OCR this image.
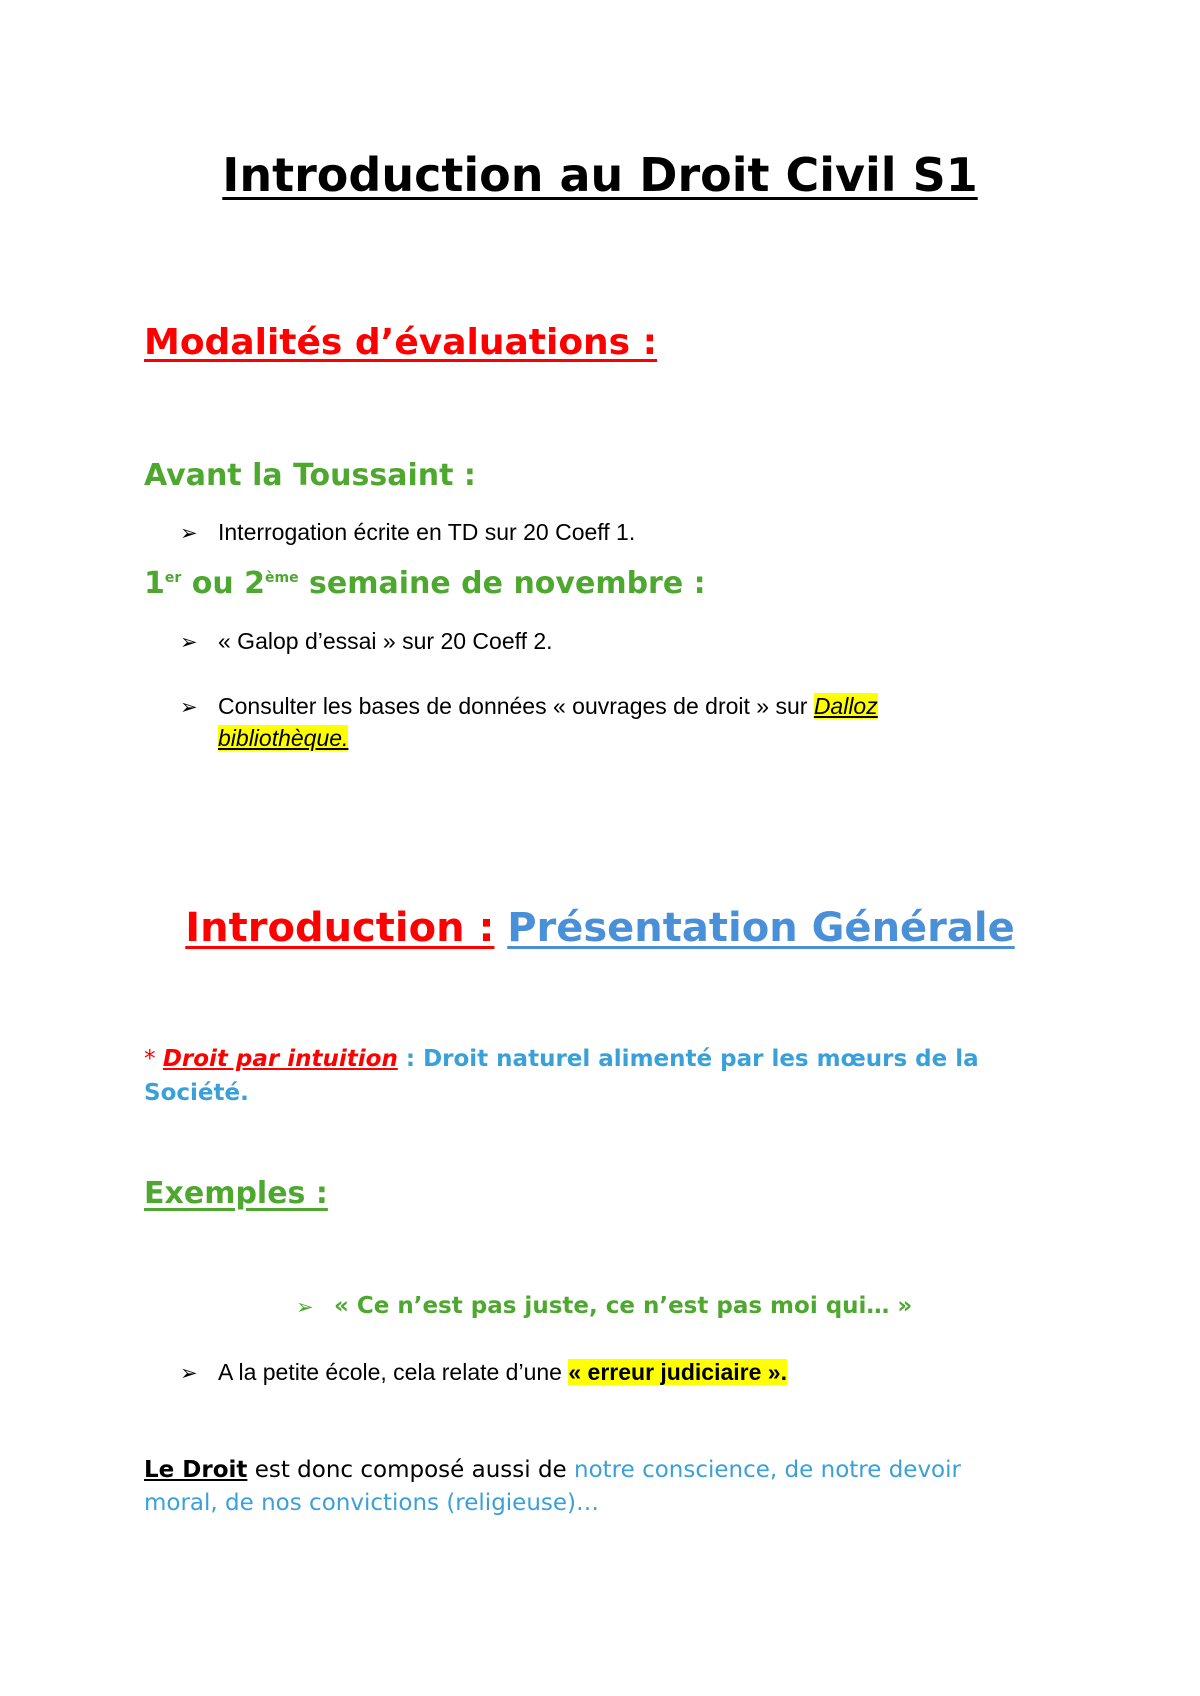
Introduction au Droit Civil S1
Modalités d’évaluations :
Avant la Toussaint :
➢ Interrogation écrite en TD sur 20 Coeff 1.
1er ou 2ème semaine de novembre :
➢ « Galop d’essai » sur 20 Coeff 2.
➢ Consulter les bases de données « ouvrages de droit » sur Dalloz
bibliothèque.
Introduction : Présentation Générale
* Droit par intuition : Droit naturel alimenté par les mœurs de la
Société.
Exemples :
➢ « Ce n’est pas juste, ce n’est pas moi qui… »
➢ A la petite école, cela relate d’une « erreur judiciaire ».
Le Droit est donc composé aussi de notre conscience, de notre devoir
moral, de nos convictions (religieuse)…
